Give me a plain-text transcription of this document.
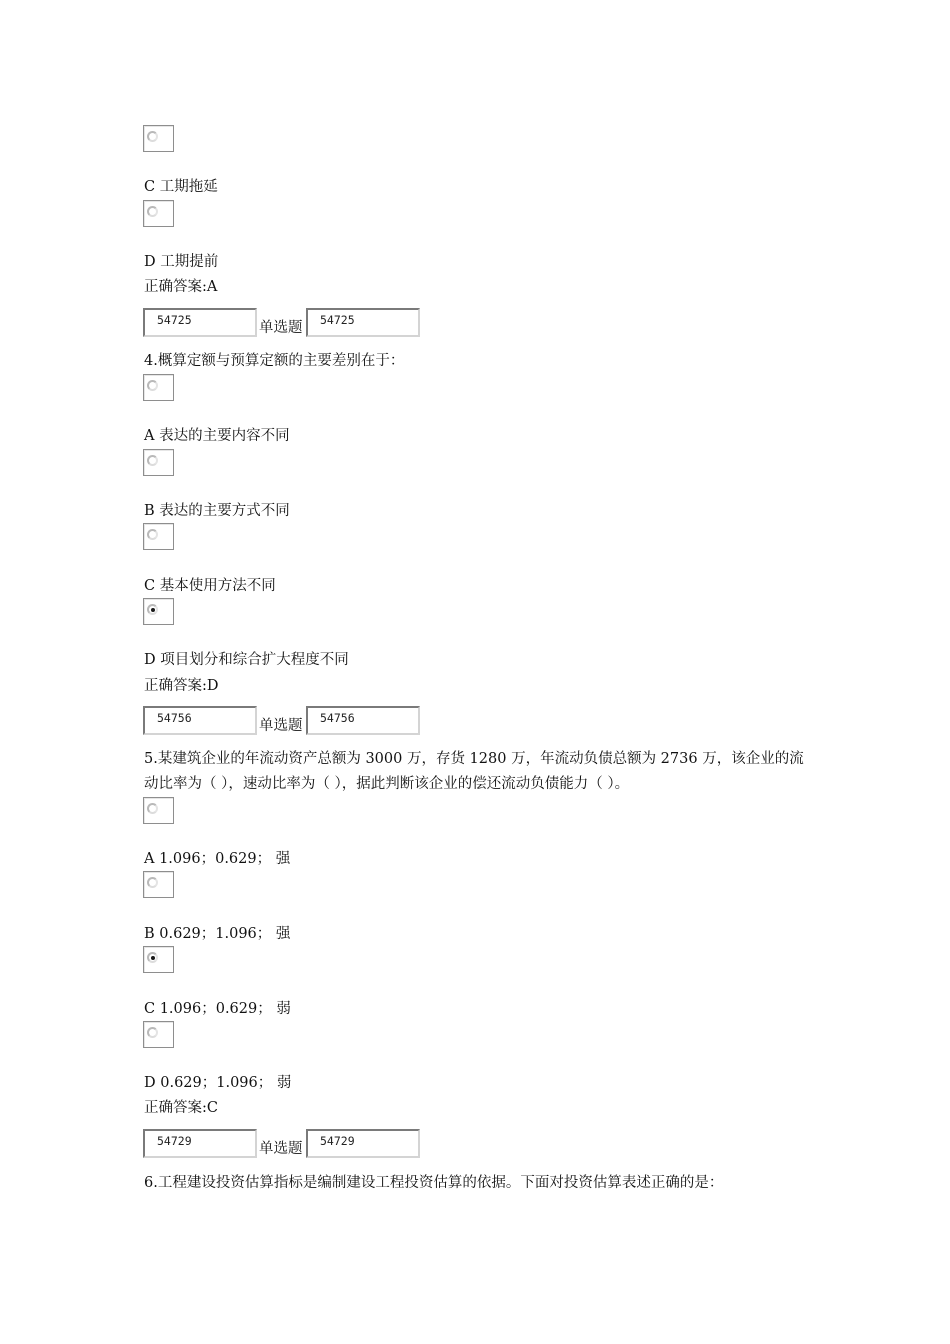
C 工期拖延
D 工期提前
正确答案:A
54725	单选题	54725
4.概算定额与预算定额的主要差别在于：
A 表达的主要内容不同
B 表达的主要方式不同
C 基本使用方法不同
D 项目划分和综合扩大程度不同
正确答案:D
54756	单选题	54756
5.某建筑企业的年流动资产总额为 3000 万，存货 1280 万，年流动负债总额为 2736 万，该企业的流动比率为（ ），速动比率为（ ），据此判断该企业的偿还流动负债能力（ ）。
A 1.096；0.629； 强
B 0.629；1.096； 强
C 1.096；0.629； 弱
D 0.629；1.096； 弱
正确答案:C
54729	单选题	54729
6.工程建设投资估算指标是编制建设工程投资估算的依据。下面对投资估算表述正确的是：
